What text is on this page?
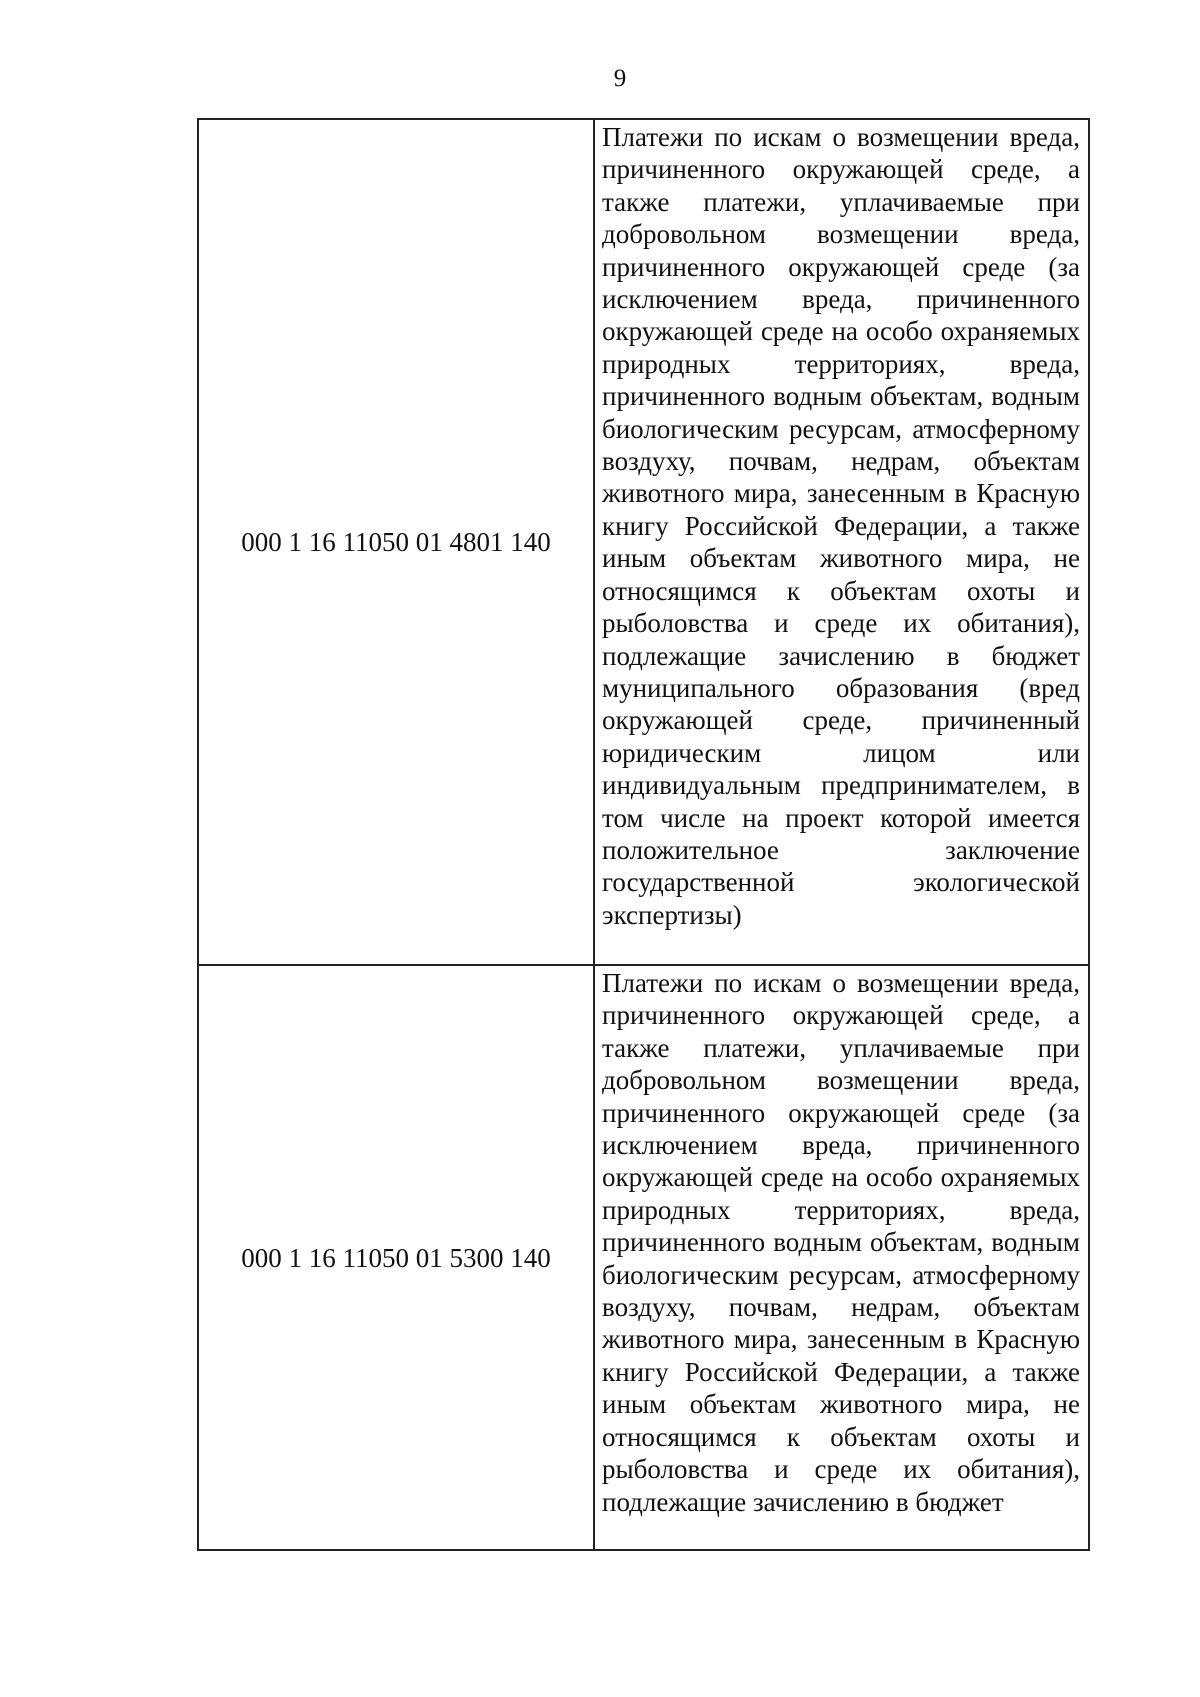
9
000 1 16 11050 01 4801 140	Платежи по искам о возмещении вреда, причиненного окружающей среде, а также платежи, уплачиваемые при добровольном возмещении вреда, причиненного окружающей среде (за исключением вреда, причиненного окружающей среде на особо охраняемых природных территориях, вреда, причиненного водным объектам, водным биологическим ресурсам, атмосферному воздуху, почвам, недрам, объектам животного мира, занесенным в Красную книгу Российской Федерации, а также иным объектам животного мира, не относящимся к объектам охоты и рыболовства и среде их обитания), подлежащие зачислению в бюджет муниципального образования (вред окружающей среде, причиненный юридическим лицом или индивидуальным предпринимателем, в том числе на проект которой имеется положительное заключение государственной экологической экспертизы)

000 1 16 11050 01 5300 140	Платежи по искам о возмещении вреда, причиненного окружающей среде, а также платежи, уплачиваемые при добровольном возмещении вреда, причиненного окружающей среде (за исключением вреда, причиненного окружающей среде на особо охраняемых природных территориях, вреда, причиненного водным объектам, водным биологическим ресурсам, атмосферному воздуху, почвам, недрам, объектам животного мира, занесенным в Красную книгу Российской Федерации, а также иным объектам животного мира, не относящимся к объектам охоты и рыболовства и среде их обитания), подлежащие зачислению в бюджет
